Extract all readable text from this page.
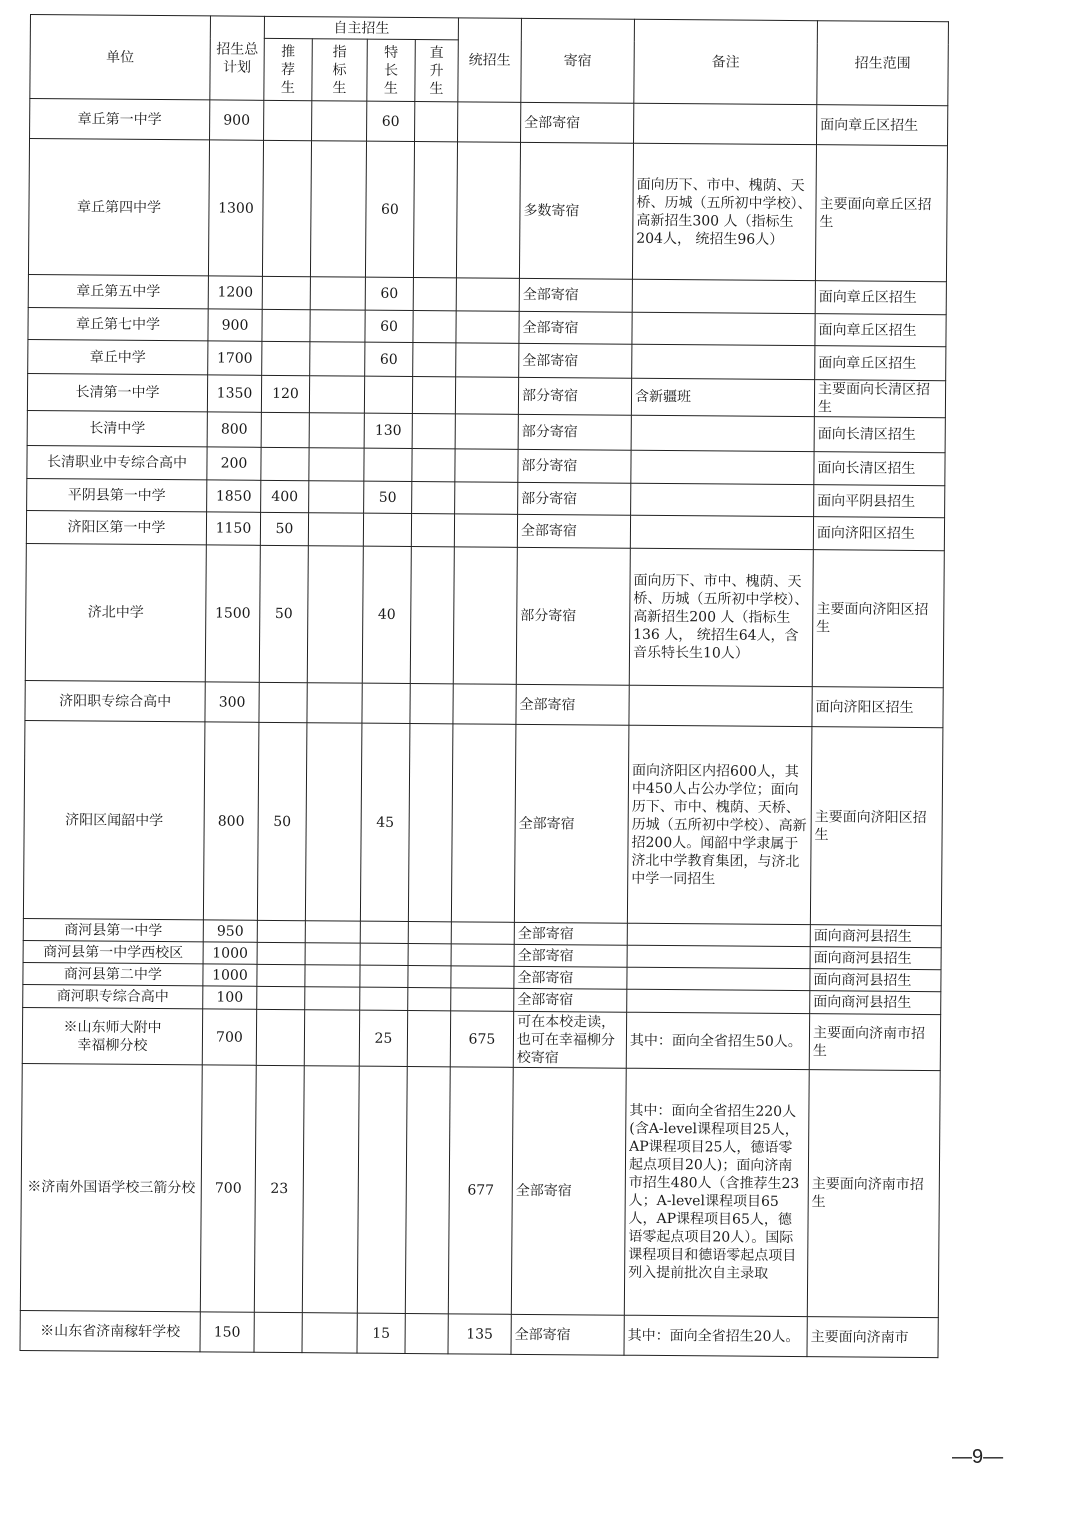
单位	招生总计划	自主招生				统招生	寄宿	备注	招生范围
		推荐生	指标生	特长生	直升生				
章丘第一中学	900			60			全部寄宿		面向章丘区招生
章丘第四中学	1300			60			多数寄宿	面向历下、市中、槐荫、天桥、历城（五所初中学校）、高新招生300 人（指标生204人， 统招生96人）	主要面向章丘区招生
章丘第五中学	1200			60			全部寄宿		面向章丘区招生
章丘第七中学	900			60			全部寄宿		面向章丘区招生
章丘中学	1700			60			全部寄宿		面向章丘区招生
长清第一中学	1350	120					部分寄宿	含新疆班	主要面向长清区招生
长清中学	800			130			部分寄宿		面向长清区招生
长清职业中专综合高中	200						部分寄宿		面向长清区招生
平阴县第一中学	1850	400		50			部分寄宿		面向平阴县招生
济阳区第一中学	1150	50					全部寄宿		面向济阳区招生
济北中学	1500	50		40			部分寄宿	面向历下、市中、槐荫、天桥、历城（五所初中学校）、高新招生200 人（指标生136 人， 统招生64人，含音乐特长生10人）	主要面向济阳区招生
济阳职专综合高中	300						全部寄宿		面向济阳区招生
济阳区闻韶中学	800	50		45			全部寄宿	面向济阳区内招600人，其中450人占公办学位；面向历下、市中、槐荫、天桥、历城（五所初中学校）、高新招200人。闻韶中学隶属于济北中学教育集团，与济北中学一同招生	主要面向济阳区招生
商河县第一中学	950						全部寄宿		面向商河县招生
商河县第一中学西校区	1000						全部寄宿		面向商河县招生
商河县第二中学	1000						全部寄宿		面向商河县招生
商河职专综合高中	100						全部寄宿		面向商河县招生
※山东师大附中幸福柳分校	700			25		675	可在本校走读，也可在幸福柳分校寄宿	其中：面向全省招生50人。	主要面向济南市招生
※济南外国语学校三箭分校	700	23				677	全部寄宿	其中：面向全省招生220人(含A-level课程项目25人，AP课程项目25人，德语零起点项目20人)；面向济南市招生480人（含推荐生23人；A-level课程项目65人，AP课程项目65人，德语零起点项目20人）。国际课程项目和德语零起点项目列入提前批次自主录取	主要面向济南市招生
※山东省济南稼轩学校	150			15		135	全部寄宿	其中：面向全省招生20人。	主要面向济南市
—9—
